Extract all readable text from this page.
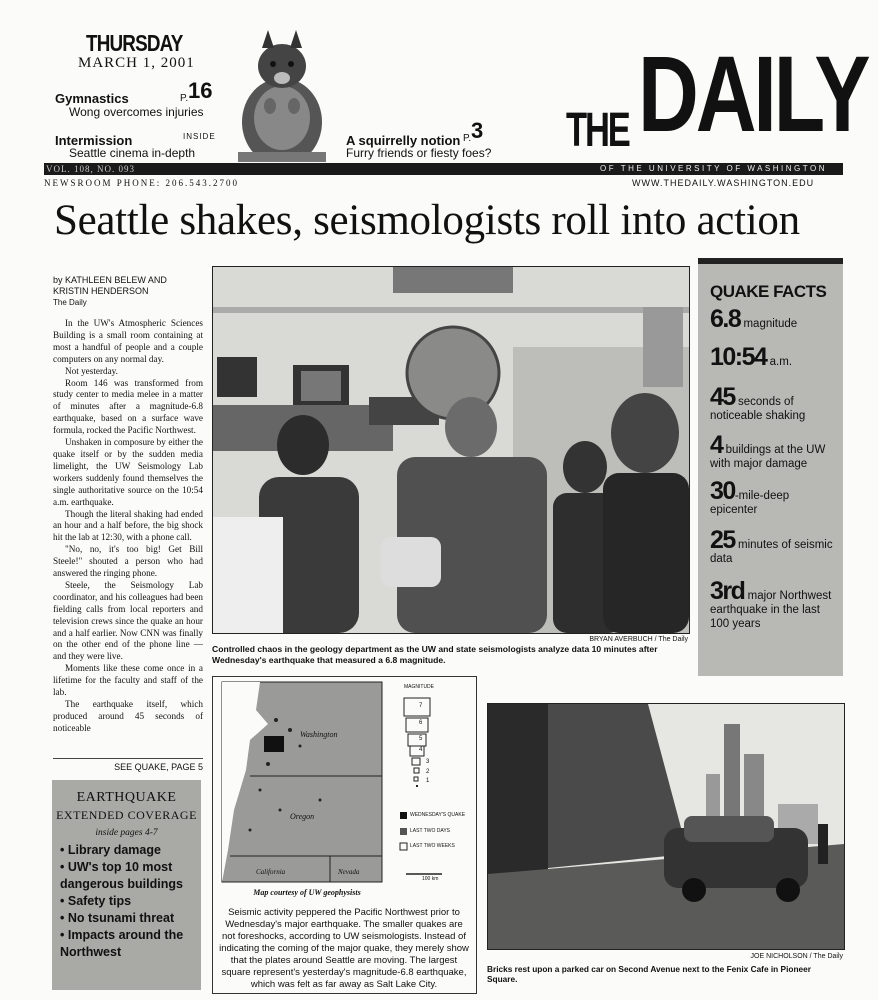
THURSDAY
MARCH 1, 2001
Gymnastics
Wong overcomes injuries
P. 16
Intermission
Seattle cinema in-depth
INSIDE	A squirrelly notion
Furry friends or fiesty foes?
P. 3 THE DAILY
VOL. 108, NO. 093	OF THE UNIVERSITY OF WASHINGTON
NEWSROOM PHONE: 206.543.2700	WWW.THEDAILY.WASHINGTON.EDU
Seattle shakes, seismologists roll into action
by KATHLEEN BELEW AND KRISTIN HENDERSON
The Daily

In the UW's Atmospheric Sciences Building is a small room containing at most a handful of people and a couple computers on any normal day.

Not yesterday.

Room 146 was transformed from study center to media melee in a matter of minutes after a magnitude-6.8 earthquake, based on a surface wave formula, rocked the Pacific Northwest.

Unshaken in composure by either the quake itself or by the sudden media limelight, the UW Seismology Lab workers suddenly found themselves the single authoritative source on the 10:54 a.m. earthquake.

Though the literal shaking had ended an hour and a half before, the big shock hit the lab at 12:30, with a phone call.

"No, no, it's too big! Get Bill Steele!" shouted a person who had answered the ringing phone.

Steele, the Seismology Lab coordinator, and his colleagues had been fielding calls from local reporters and television crews since the quake an hour and a half earlier. Now CNN was finally on the other end of the phone line — and they were live.

Moments like these come once in a lifetime for the faculty and staff of the lab.

The earthquake itself, which produced around 45 seconds of noticeable

SEE QUAKE, PAGE 5
BRYAN AVERBUCH / The Daily
Controlled chaos in the geology department as the UW and state seismologists analyze data 10 minutes after Wednesday's earthquake that measured a 6.8 magnitude.
QUAKE FACTS
6.8 magnitude
10:54 a.m.
45 seconds of noticeable shaking
4 buildings at the UW with major damage
30-mile-deep epicenter
25 minutes of seismic data
3rd major Northwest earthquake in the last 100 years
EARTHQUAKE
EXTENDED COVERAGE
inside pages 4-7
• Library damage
• UW's top 10 most dangerous buildings
• Safety tips
• No tsunami threat
• Impacts around the Northwest
MAGNITUDE
7
6
5
4
3
2
1
WEDNESDAY'S QUAKE
LAST TWO DAYS
LAST TWO WEEKS
100 km
Washington
Oregon
California	Nevada
Map courtesy of UW geophysists
Seismic activity peppered the Pacific Northwest prior to Wednesday's major earthquake. The smaller quakes are not foreshocks, according to UW seismologists. Instead of indicating the coming of the major quake, they merely show that the plates around Seattle are moving. The largest square represent's yesterday's magnitude-6.8 earthquake, which was felt as far away as Salt Lake City.
JOE NICHOLSON / The Daily
Bricks rest upon a parked car on Second Avenue next to the Fenix Cafe in Pioneer Square.
